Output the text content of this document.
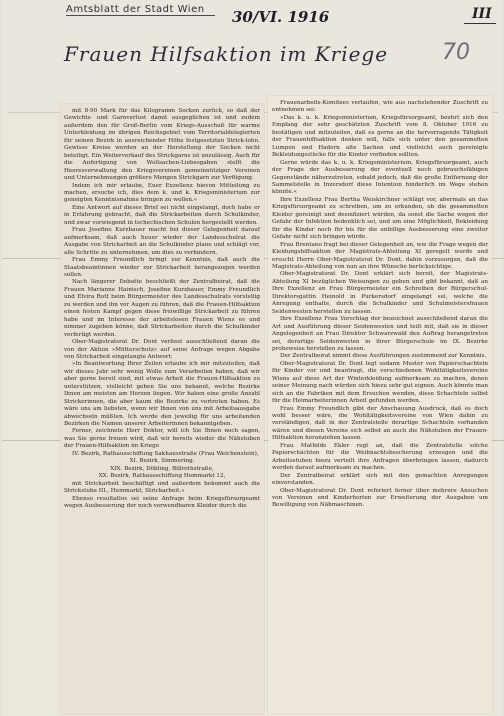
Amtsblatt der Stadt Wien	30/VI. 1916	III
Frauen Hilfsaktion im Kriege 70

mit 8·90 Mark für das Kilogramm Socken zurück, so daß der Gewichts- und Garnverlust damit ausgeglichen ist und zudem außerdem den für Groß-Berlin vom Kriegs-Ausschuß für warme Unterkleidung im übrigen Reichsgebiet vom Territorialdelegierten für seinen Bezirk in ausreichender Höhe festgesetzten Strick-lohn. Gewisse Kreise werden an der Herstellung der Socken nicht beteiligt. Ein Weiterverkauf des Strickgarns ist unzulässig. Auch für die Anfertigung von Wollsachen-Liebesgaben stellt die Heeresverwaltung den Kriegsvereinen gemeinnütziger Vereinen und Unternehmungen größere Mengen Strickgarn zur Verfügung.

Indem ich mir erlaube, Euer Exzellenz hievon Mitteilung zu machen, ersuche ich, dies dem k. und k. Kriegsministerium zur geneigten Kenntnisnahme bringen zu wollen.«

Eine Antwort auf dieses Brief sei nicht eingelangt, doch habe er in Erfahrung gebracht, daß die Strickarbeiten durch Schulkinder, und zwar vorwiegend in tschechischen Schulen hergestellt werden.

Frau Josefine Kurzbauer macht bei dieser Gelegenheit darauf aufmerksam, daß auch heuer wieder der Landesschulrat die Ausgabe von Strickarbeit an die Schulkinder plane und schlägt vor, alle Schritte zu unternehmen, um dies zu verhindern.

Frau Emmy Freundlich bringt zur Kenntnis, daß auch die Staatsbeamtinnen wieder zur Strickarbeit herangezogen werden sollen.

Nach längerer Debatte beschließt der Zentralbeirat, daß die Frauen Marianne Hainisch, Josefine Kurzbauer, Emmy Freundlich und Elvira Rott beim Bürgermeister des Landesschulrats vorstellig zu werden und ihn vor Augen zu führen, daß die Frauen-Hilfsaktion einen festen Kampf gegen diese freiwillige Strickarbeit zu führen habe und im Interesse der arbeitslosen Frauen Wiens es und nimmer zugeben könne, daß Strickarbeiten durch die Schulkinder verfertigt werden.

Ober-Magistratsrat Dr. Dont verliest ausschließend daran die von der Aktion »Mütterschutz« auf seine Anfrage wegen Abgabe von Strickarbeit eingelangte Antwort:

»In Beantwortung Ihrer Zeilen erlaube ich mir mitzuteilen, daß wir dieses Jahr sehr wenig Wolle zum Verarbeiten haben, daß wir aber gerne bereit sind, mit etwas Arbeit die Frauen-Hilfsaktion zu unterstützen, vielleicht geben Sie uns bekannt, welche Bezirke Ihnen am meisten am Herzen liegen. Wir haben eine große Anzahl Strickerinnen, die aber kaum die Bezirke zu vertreten haben. Es wäre uns am liebsten, wenn wir Ihnen von uns mit Arbeitsausgabe abwechseln müßten. Ich werde den jeweilig für uns arbeitenden Bezirken die Namen unserer Arbeiterinnen bekanntgeben.

Ferner, zeichnete Herr Doktor, will ich Sie Ihnen noch sagen, was Sie gerne freuen wird, daß wir bereits wieder die Nähstuben der Frauen-Hilfsaktion im Kriege

IV. Bezirk, Rathausschiffung Sakhausstraße (Frau Weichenstein),

XI. Bezirk, Simmering,

XIX. Bezirk, Döbling, Billrothstraße,

XX. Bezirk, Rathausschiffung Hemmarkt 12,

mit Strickarbeit beschäftigt und außerdem bekommt auch die Strickstube III., Hemmarkt, Strickarbeit.«

Ebenso resultatlos sei seine Anfrage beim Kriegsfürsorgeamt wegen Ausbesserung der noch verwendbaren Kleider durch die

Frauenarbeits-Komitees verlaufen, wie aus nachstehender Zuschrift zu entnehmen sei:

»Das k. u. k. Kriegsministerium, Kriegsfürsorgeamt, beehrt sich den Empfang der sehr geschätzten Zuschrift vom 8. Oktober 1916 zu bestätigen und mitzuteilen, daß es gerne an die hervorragende Tätigkeit der Frauenhilfsaktion denken will, falls sich unter den gesammelten Lumpen und Hadern alte Sachen und vielleicht auch gereinigte Bekleidungsstücke für die Kinder vorfinden sollten.

Gerne würde das k. u. k. Kriegsministerium, Kriegsfürsorgeamt, auch der Frage der Ausbesserung der eventuell noch gebrauchsfähigen Gegenstände näherzutreten, sobald jedoch, daß die große Entfernung der Sammelstelle in Inzersdorf diese Intention hinderlich im Wege stehen könnte.«

Ihre Exzellenz Frau Bertha Weiskirchner schlägt vor, abermals an das Kriegsfürsorgeamt zu schreiben, um zu erkunden, ob die gesammelten Kleider gereinigt und desinfiziert würden, da sonst die Sache wegen der Gefahr der Infektion bedenklich sei, und um eine Möglichkeit, Bekleidung für die Kinder noch für bis für die unbillige Ausbesserung eine zweiter Gefahr nicht sich bringen würde.

Frau Brentano fragt bei dieser Gelegenheit an, wie die Frage wegen der Kleidungshilfsaktion der Magistrats-Abteilung XI geregelt wurde und ersucht Herrn Ober-Magistratsrat Dr. Dont, dahin vorzusorgen, daß die Magistrats-Abteilung von nun an ihre Wünsche berücksichtige.

Ober-Magistratsrat Dr. Dont erklärt sich bereit, der Magistrats-Abteilung XI bezüglichen Weisungen zu geben und gibt bekannt, daß an Ihre Exzellenz an Frau Bürgermeister ein Schreiben der Bürgerschul-Direktorsgattin Heinold in Purkersdorf eingelangt sei, welche die Anregung enthalte, durch die Schulkinder und Schulmeistersfrauen Seidenwesten herstellen zu lassen.

Ihre Exzellenz Frau Vorschlag der bezeichnet ausschließend daran die Art und Ausführung dieser Seidenwesten und teilt mit, daß sie in dieser Angelegenheit an Frau Direktor Schwarzwald den Auftrag herangetreten sei, derartige Seidenwesten in ihrer Bürgerschule im IX. Bezirke probeweise herstellen zu lassen.

Der Zentralbeirat nimmt diese Ausführungen zustimmend zur Kenntnis.

Ober-Magistratsrat Dr. Dont legt sodann Muster von Papierschachteln für Kinder vor und beantragt, die verschiedenen Wohltätigkeitsvereine Wiens auf diese Art der Winterkleidung aufmerksam zu machen, denen seiner Meinung nach würden sich hiezu sehr gut eignen. Auch könnte man sich an die Fabriken mit dem Ersuchen wenden, diese Schachteln selbst für die Heimarbeiterinnen Arbeit gefunden werden.

Frau Emmy Freundlich gibt der Anschauung Ausdruck, daß es doch wohl besser wäre, die Wohltätigkeitsvereine von Wien dahin zu verständigen, daß in der Zentralstelle derartige Schachteln vorhanden wären und diesen Vereine sich selbst an auch die Nähstuben der Frauen-Hilfsaktion heranziehen lassen.

Frau Mathilde Ekler regt an, daß die Zentralstelle solche Papierschächten für die Weihnachtsbescherung erzeugen und die Arbeitsstuben hiezu verteilt ihre Anfragen überbringen lassen, dadurch werden darauf aufmerksam zu machen.

Der Zentralbeirat erklärt sich mit den gemachten Anregungen einverstanden.

Ober-Magistratsrat Dr. Dont referiert ferner über mehrere Ansuchen von Vereinen und Kinderhorten zur Erweiterung der Ausgaben um Bewilligung von Nähmaschinen.
